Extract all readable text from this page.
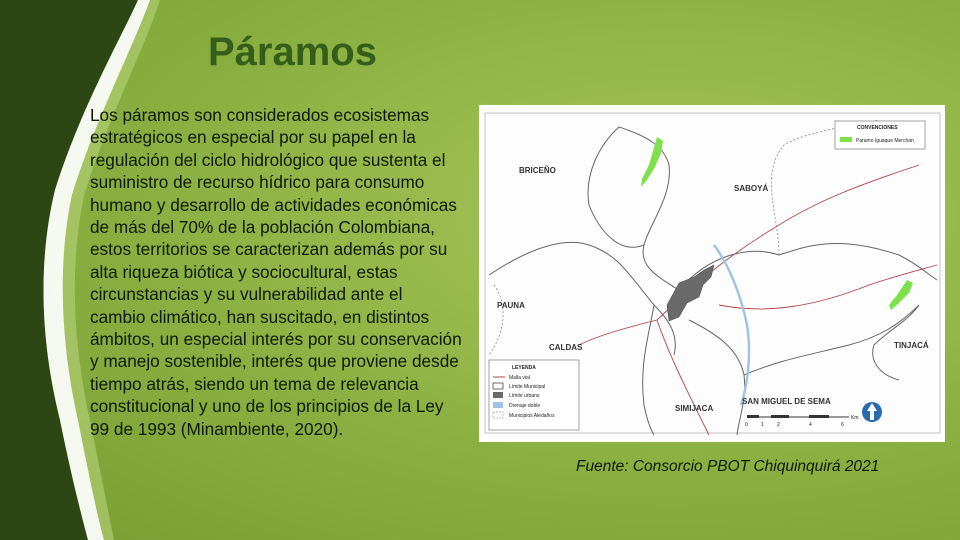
Páramos

Los páramos son considerados ecosistemas estratégicos en especial por su papel en la regulación del ciclo hidrológico que sustenta el suministro de recurso hídrico para consumo humano y desarrollo de actividades económicas de más del 70% de la población Colombiana, estos territorios se caracterizan además por su alta riqueza biótica y sociocultural, estas circunstancias y su vulnerabilidad ante el cambio climático, han suscitado, en distintos ámbitos, un especial interés por su conservación y manejo sostenible, interés que proviene desde tiempo atrás, siendo un tema de relevancia constitucional y uno de los principios de la Ley 99 de 1993 (Minambiente, 2020).

BRICEÑO
SABOYÁ
PAUNA
CALDAS	TINJACÁ
SAN MIGUEL DE SEMA
SIMIJACA
CONVENCIONES
Paramo Iguaque Merchan
LEYENDA
Malla vial
Límite Municipal
Límite urbano
Drenaje doble
Municipios Aledaños
0	1	2	4	6
Km
Fuente: Consorcio PBOT Chiquinquirá 2021
